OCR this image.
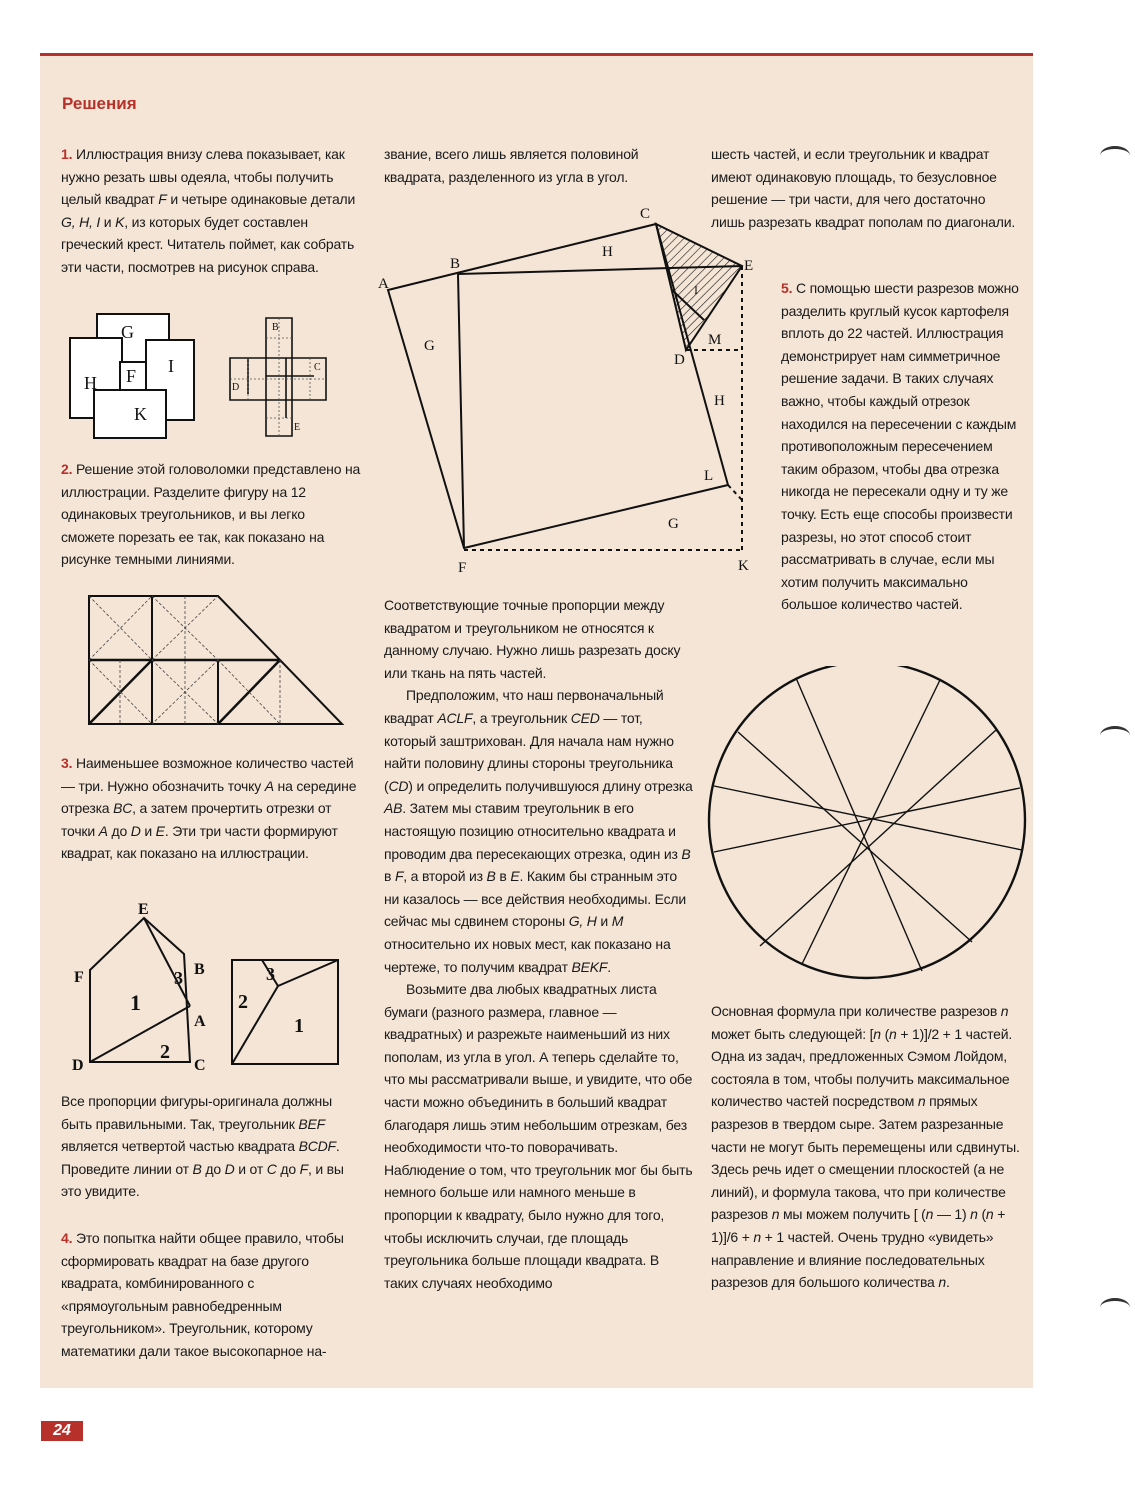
Решения

1. Иллюстрация внизу слева показывает, как нужно резать швы одеяла, чтобы получить целый квадрат F и четыре одинаковые детали G, H, I и K, из которых будет составлен греческий крест. Читатель поймет, как собрать эти части, посмотрев на рисунок справа.

G
I
H F
K
B
C
D
E

2. Решение этой головоломки представлено на иллюстрации. Разделите фигуру на 12 одинаковых треугольников, и вы легко сможете порезать ее так, как показано на рисунке темными линиями.

3. Наименьшее возможное количество частей — три. Нужно обозначить точку A на середине отрезка BC, а затем прочертить отрезки от точки A до D и E. Эти три части формируют квадрат, как показано на иллюстрации.

E
F	B
A
D	C
1
2
3	3
2
1

Все пропорции фигуры-оригинала должны быть правильными. Так, треугольник BEF является четвертой частью квадрата BCDF. Проведите линии от B до D и от C до F, и вы это увидите.

4. Это попытка найти общее правило, чтобы сформировать квадрат на базе другого квадрата, комбинированного с «прямоугольным равнобедренным треугольником». Треугольник, которому математики дали такое высокопарное на-

звание, всего лишь является половиной квадрата, разделенного из угла в угол.

A
B
C
H
G
E
M
D
H
L
G
F	K
I

Соответствующие точные пропорции между квадратом и треугольником не относятся к данному случаю. Нужно лишь разрезать доску или ткань на пять частей.

Предположим, что наш первоначальный квадрат ACLF, а треугольник CED — тот, который заштрихован. Для начала нам нужно найти половину длины стороны треугольника (CD) и определить получившуюся длину отрезка AB. Затем мы ставим треугольник в его настоящую позицию относительно квадрата и проводим два пересекающих отрезка, один из B в F, а второй из B в E. Каким бы странным это ни казалось — все действия необходимы. Если сейчас мы сдвинем стороны G, H и M относительно их новых мест, как показано на чертеже, то получим квадрат BEKF.

Возьмите два любых квадратных листа бумаги (разного размера, главное — квадратных) и разрежьте наименьший из них пополам, из угла в угол. А теперь сделайте то, что мы рассматривали выше, и увидите, что обе части можно объединить в больший квадрат благодаря лишь этим небольшим отрезкам, без необходимости что-то поворачивать. Наблюдение о том, что треугольник мог бы быть немного больше или намного меньше в пропорции к квадрату, было нужно для того, чтобы исключить случаи, где площадь треугольника больше площади квадрата. В таких случаях необходимо

шесть частей, и если треугольник и квадрат имеют одинаковую площадь, то безусловное решение — три части, для чего достаточно лишь разрезать квадрат пополам по диагонали.

5. С помощью шести разрезов можно разделить круглый кусок картофеля вплоть до 22 частей. Иллюстрация демонстрирует нам симметричное решение задачи. В таких случаях важно, чтобы каждый отрезок находился на пересечении с каждым противоположным пересечением таким образом, чтобы два отрезка никогда не пересекали одну и ту же точку. Есть еще способы произвести разрезы, но этот способ стоит рассматривать в случае, если мы хотим получить максимально большое количество частей.

Основная формула при количестве разрезов n может быть следующей: [n (n + 1)]/2 + 1 частей. Одна из задач, предложенных Сэмом Лойдом, состояла в том, чтобы получить максимальное количество частей посредством n прямых разрезов в твердом сыре. Затем разрезанные части не могут быть перемещены или сдвинуты. Здесь речь идет о смещении плоскостей (а не линий), и формула такова, что при количестве разрезов n мы можем получить [ (n — 1) n (n + 1)]/6 + n + 1 частей. Очень трудно «увидеть» направление и влияние последовательных разрезов для большого количества n.

24
